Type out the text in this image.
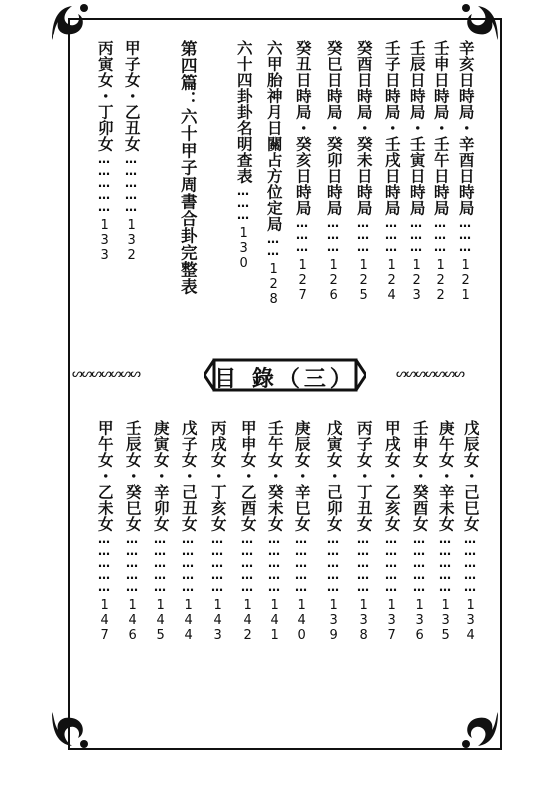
辛亥日時局・辛酉日時局
………
121
壬申日時局・壬午日時局
………
122
壬辰日時局・壬寅日時局
………
123
壬子日時局・壬戌日時局
………
124
癸酉日時局・癸未日時局
………
125
癸巳日時局・癸卯日時局
………
126
癸丑日時局・癸亥日時局
………
127
六甲胎神月日關占方位定局
……
128
六十四卦卦名明查表
………
130
第四篇：六十甲子周書合卦完整表
甲子女・乙丑女
……………
132
丙寅女・丁卯女
……………
133
ᔕᔕᔕᔕᔕᔕᔕ	目 錄（三）	ᔕᔕᔕᔕᔕᔕᔕ
戊辰女・己巳女
……………
134
庚午女・辛未女
……………
135
壬申女・癸酉女
……………
136
甲戌女・乙亥女
……………
137
丙子女・丁丑女
……………
138
戊寅女・己卯女
……………
139
庚辰女・辛巳女
……………
140
壬午女・癸未女
……………
141
甲申女・乙酉女
……………
142
丙戌女・丁亥女
……………
143
戊子女・己丑女
……………
144
庚寅女・辛卯女
……………
145
壬辰女・癸巳女
……………
146
甲午女・乙未女
……………
147
